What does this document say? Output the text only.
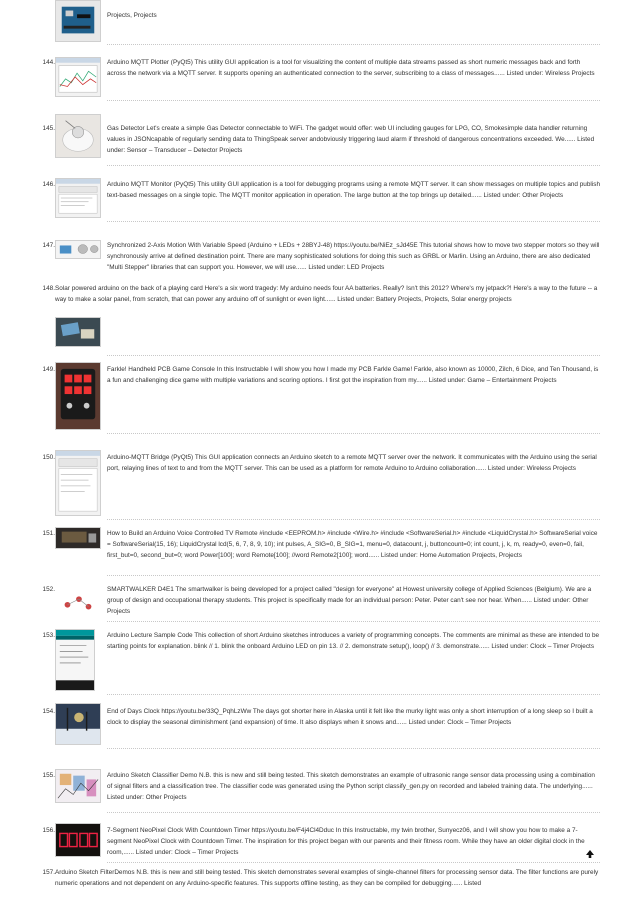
Projects, Projects
144.	Arduino MQTT Plotter (PyQt5) This utility GUI application is a tool for visualizing the content of multiple data streams passed as short numeric messages back and forth across the network via a MQTT server. It supports opening an authenticated connection to the server, subscribing to a class of messages...... Listed under: Wireless Projects
145.	Gas Detector Let's create a simple Gas Detector connectable to WiFi. The gadget would offer: web UI including gauges for LPG, CO, Smokesimple data handler returning values in JSONcapable of regularly sending data to ThingSpeak server andobviously triggering laud alarm if threshold of dangerous concentrations exceeded. We...... Listed under: Sensor – Transducer – Detector Projects
146.	Arduino MQTT Monitor (PyQt5) This utility GUI application is a tool for debugging programs using a remote MQTT server. It can show messages on multiple topics and publish text-based messages on a single topic. The MQTT monitor application in operation. The large button at the top brings up detailed...... Listed under: Other Projects
147.	Synchronized 2-Axis Motion With Variable Speed (Arduino + LEDs + 28BYJ-48) https://youtu.be/NiEz_sJd45E This tutorial shows how to move two stepper motors so they will synchronously arrive at defined destination point. There are many sophisticated solutions for doing this such as GRBL or Marlin. Using an Arduino, there are also dedicated "Multi Stepper" libraries that can support you. However, we will use...... Listed under: LED Projects
148. Solar powered arduino on the back of a playing card Here's a six word tragedy: My arduino needs four AA batteries. Really? Isn't this 2012? Where's my jetpack?! Here's a way to the future -- a way to make a solar panel, from scratch, that can power any arduino off of sunlight or even light...... Listed under: Battery Projects, Projects, Solar energy projects
149.	Farkle! Handheld PCB Game Console In this Instructable I will show you how I made my PCB Farkle Game! Farkle, also known as 10000, Zilch, 6 Dice, and Ten Thousand, is a fun and challenging dice game with multiple variations and scoring options. I first got the inspiration from my...... Listed under: Game – Entertainment Projects
150.	Arduino-MQTT Bridge (PyQt5) This GUI application connects an Arduino sketch to a remote MQTT server over the network. It communicates with the Arduino using the serial port, relaying lines of text to and from the MQTT server. This can be used as a platform for remote Arduino to Arduino collaboration...... Listed under: Wireless Projects
151.	How to Build an Arduino Voice Controlled TV Remote #include <EEPROM.h> #include <Wire.h> #include <SoftwareSerial.h> #include <LiquidCrystal.h> SoftwareSerial voice = SoftwareSerial(15, 16); LiquidCrystal lcd(5, 6, 7, 8, 9, 10); int pulses, A_SIG=0, B_SIG=1, menu=0, datacount, j, buttoncount=0; int count, j, k, m, ready=0, even=0, fail, first_but=0, second_but=0; word Power[100]; word Remote[100]; //word Remote2[100]; word...... Listed under: Home Automation Projects, Projects
152.	SMARTWALKER D4E1 The smartwalker is being developed for a project called "design for everyone" at Howest university college of Applied Sciences (Belgium). We are a group of design and occupational therapy students. This project is specifically made for an individual person: Peter. Peter can't see nor hear. When...... Listed under: Other Projects
153.	Arduino Lecture Sample Code This collection of short Arduino sketches introduces a variety of programming concepts. The comments are minimal as these are intended to be starting points for explanation. blink // 1. blink the onboard Arduino LED on pin 13. // 2. demonstrate setup(), loop() // 3. demonstrate...... Listed under: Clock – Timer Projects
154.	End of Days Clock https://youtu.be/33Q_PqhLzWw The days got shorter here in Alaska until it felt like the murky light was only a short interruption of a long sleep so I built a clock to display the seasonal diminishment (and expansion) of time. It also displays when it snows and...... Listed under: Clock – Timer Projects
155.	Arduino Sketch Classifier Demo N.B. this is new and still being tested. This sketch demonstrates an example of ultrasonic range sensor data processing using a combination of signal filters and a classification tree. The classifier code was generated using the Python script classify_gen.py on recorded and labeled training data. The underlying...... Listed under: Other Projects
156.	7-Segment NeoPixel Clock With Countdown Timer https://youtu.be/F4j4Cl4Dduc In this Instructable, my twin brother, Sunyecz06, and I will show you how to make a 7-segment NeoPixel Clock with Countdown Timer. The inspiration for this project began with our parents and their fitness room. While they have an older digital clock in the room,...... Listed under: Clock – Timer Projects
157. Arduino Sketch FilterDemos N.B. this is new and still being tested. This sketch demonstrates several examples of single-channel filters for processing sensor data. The filter functions are purely numeric operations and not dependent on any Arduino-specific features. This supports offline testing, as they can be compiled for debugging...... Listed
